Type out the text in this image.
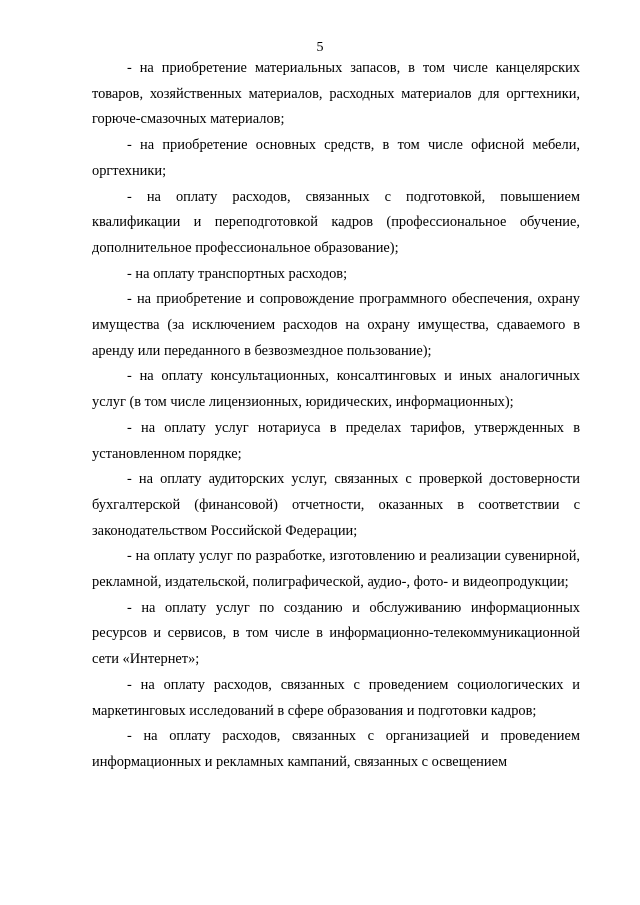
5

- на приобретение материальных запасов, в том числе канцелярских товаров, хозяйственных материалов, расходных материалов для оргтехники, горюче-смазочных материалов;

- на приобретение основных средств, в том числе офисной мебели, оргтехники;

- на оплату расходов, связанных с подготовкой, повышением квалификации и переподготовкой кадров (профессиональное обучение, дополнительное профессиональное образование);

- на оплату транспортных расходов;

- на приобретение и сопровождение программного обеспечения, охрану имущества (за исключением расходов на охрану имущества, сдаваемого в аренду или переданного в безвозмездное пользование);

- на оплату консультационных, консалтинговых и иных аналогичных услуг (в том числе лицензионных, юридических, информационных);

- на оплату услуг нотариуса в пределах тарифов, утвержденных в установленном порядке;

- на оплату аудиторских услуг, связанных с проверкой достоверности бухгалтерской (финансовой) отчетности, оказанных в соответствии с законодательством Российской Федерации;

- на оплату услуг по разработке, изготовлению и реализации сувенирной, рекламной, издательской, полиграфической, аудио-, фото- и видеопродукции;

- на оплату услуг по созданию и обслуживанию информационных ресурсов и сервисов, в том числе в информационно-телекоммуникационной сети «Интернет»;

- на оплату расходов, связанных с проведением социологических и маркетинговых исследований в сфере образования и подготовки кадров;

- на оплату расходов, связанных с организацией и проведением информационных и рекламных кампаний, связанных с освещением
